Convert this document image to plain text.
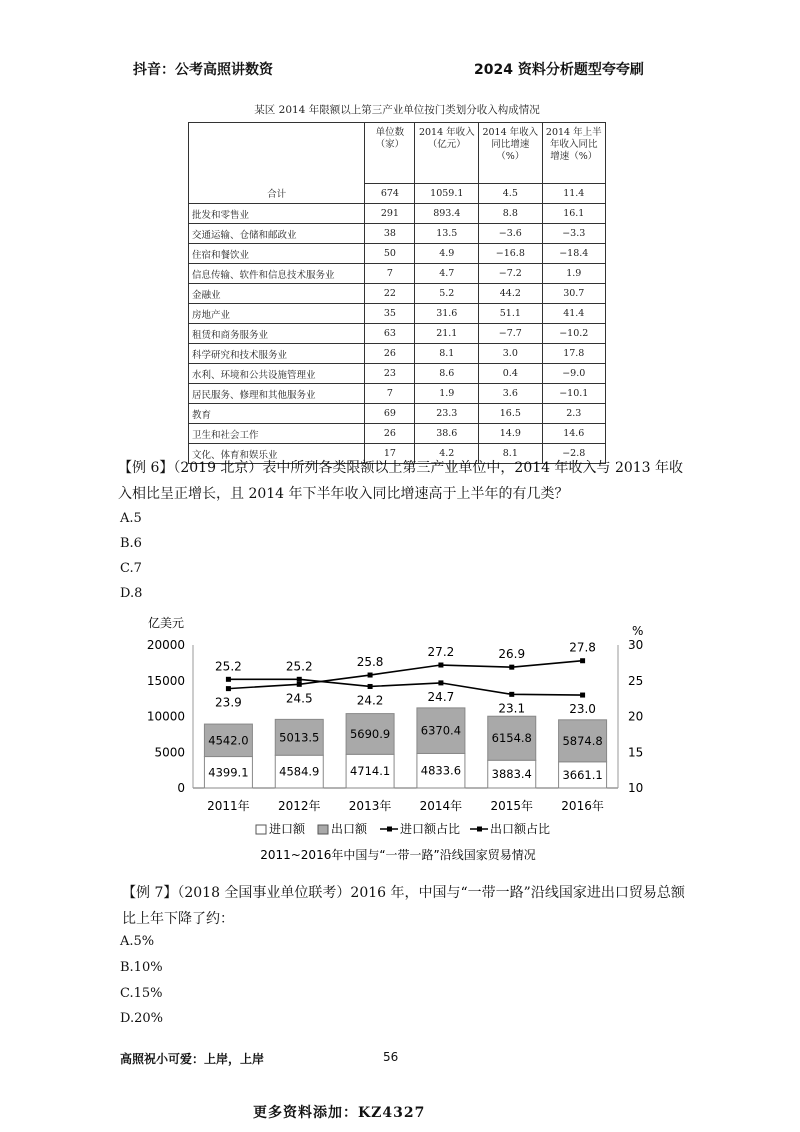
抖音：公考高照讲数资	2024 资料分析题型夸夸刷
某区 2014 年限额以上第三产业单位按门类划分收入构成情况
	单位数（家）	2014 年收入（亿元）	2014 年收入同比增速（%）	2014 年上半年收入同比增速（%）
合计	674	1059.1	4.5	11.4
批发和零售业	291	893.4	8.8	16.1
交通运输、仓储和邮政业	38	13.5	−3.6	−3.3
住宿和餐饮业	50	4.9	−16.8	−18.4
信息传输、软件和信息技术服务业	7	4.7	−7.2	1.9
金融业	22	5.2	44.2	30.7
房地产业	35	31.6	51.1	41.4
租赁和商务服务业	63	21.1	−7.7	−10.2
科学研究和技术服务业	26	8.1	3.0	17.8
水利、环境和公共设施管理业	23	8.6	0.4	−9.0
居民服务、修理和其他服务业	7	1.9	3.6	−10.1
教育	69	23.3	16.5	2.3
卫生和社会工作	26	38.6	14.9	14.6
文化、体育和娱乐业	17	4.2	8.1	−2.8
【例 6】（2019 北京）表中所列各类限额以上第三产业单位中，2014 年收入与 2013 年收入相比呈正增长，且 2014 年下半年收入同比增速高于上半年的有几类？
A.5
B.6
C.7
D.8
亿美元
%
0
5000
10000
15000
20000
10
15
20
25
30
2011年 2012年 2013年 2014年 2015年 2016年
4399.1
4542.0
4584.9
5013.5
4714.1
5690.9
4833.6
6370.4
3883.4
6154.8
3661.1
5874.8
25.2
23.9
25.2
24.5
25.8
24.2
27.2
24.7
26.9
23.1
27.8
23.0
进口额 出口额	进口额占比 出口额占比
2011~2016年中国与“一带一路”沿线国家贸易情况
【例 7】（2018 全国事业单位联考）2016 年，中国与“一带一路”沿线国家进出口贸易总额
比上年下降了约：
A.5%
B.10%
C.15%
D.20%
高照祝小可爱：上岸，上岸	56
更多资料添加：KZ4327
